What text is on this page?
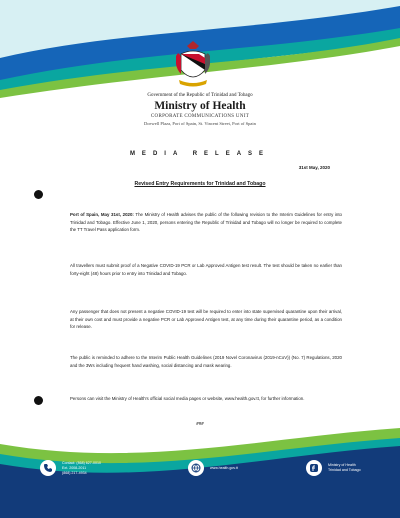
Government of the Republic of Trinidad and Tobago
Ministry of Health
CORPORATE COMMUNICATIONS UNIT
Doewell Plaza, Port of Spain, St. Vincent Street, Port of Spain
MEDIA RELEASE
31st May, 2020
Revised Entry Requirements for Trinidad and Tobago

Port of Spain, May 31st, 2020: The Ministry of Health advises the public of the following revision to the Interim Guidelines for entry into Trinidad and Tobago. Effective June 1, 2020, persons entering the Republic of Trinidad and Tobago will no longer be required to complete the TT Travel Pass application form.

All travellers must submit proof of a Negative COVID-19 PCR or Lab Approved Antigen test result. The test should be taken no earlier than forty-eight (48) hours prior to entry into Trinidad and Tobago.

Any passenger that does not present a negative COVID-19 test will be required to enter into state supervised quarantine upon their arrival, at their own cost and must provide a negative PCR or Lab Approved Antigen test, at any time during their quarantine period, as a condition for release.

The public is reminded to adhere to the Interim Public Health Guidelines (2019 Novel Coronavirus (2019-nCoV)) (No. 7) Regulations, 2020 and the 3Ws including frequent hand washing, social distancing and mask wearing.

Persons can visit the Ministry of Health's official social media pages or website, www.health.gov.tt, for further information.

###
Contact: (868) 627-0010
Ext. 2008-2011
(868) 217-4934
www.health.gov.tt
Ministry of Health
Trinidad and Tobago
